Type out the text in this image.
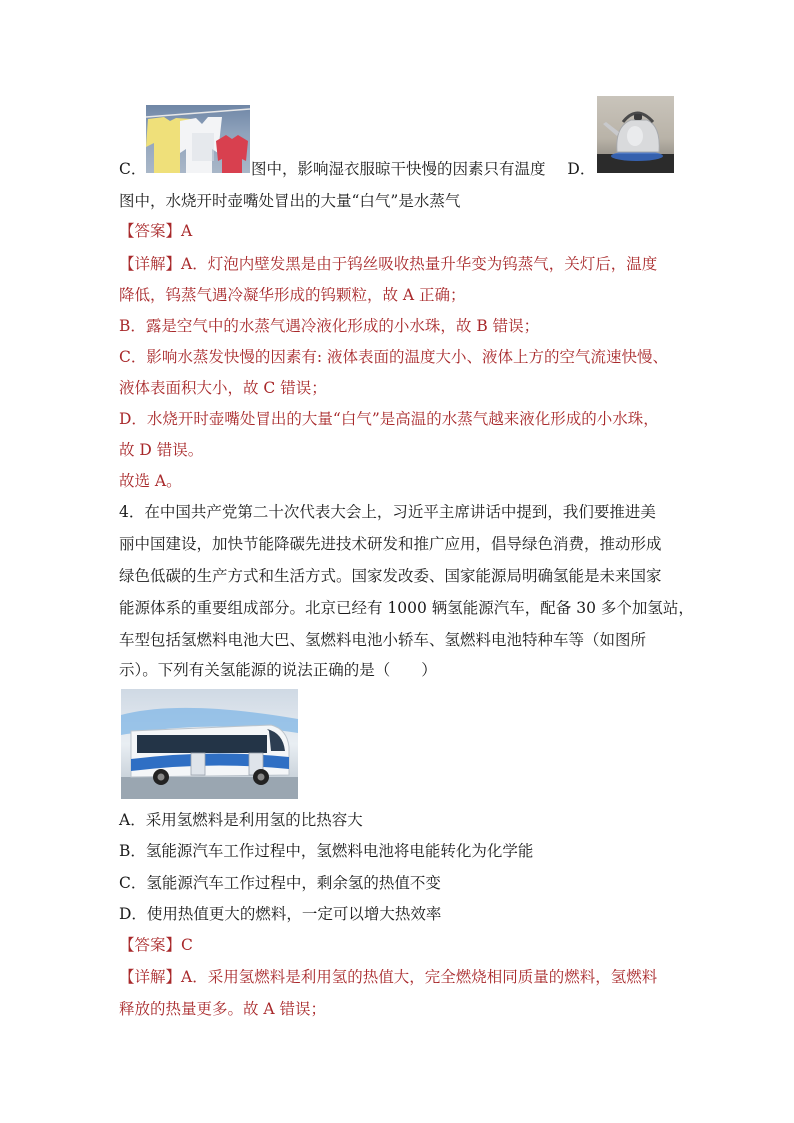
C．	图中，影响湿衣服晾干快慢的因素只有温度 D．
图中，水烧开时壶嘴处冒出的大量“白气”是水蒸气
【答案】A
【详解】A．灯泡内壁发黑是由于钨丝吸收热量升华变为钨蒸气，关灯后，温度
降低，钨蒸气遇冷凝华形成的钨颗粒，故 A 正确；
B．露是空气中的水蒸气遇冷液化形成的小水珠，故 B 错误；
C．影响水蒸发快慢的因素有: 液体表面的温度大小、液体上方的空气流速快慢、
液体表面积大小，故 C 错误；
D．水烧开时壶嘴处冒出的大量“白气”是高温的水蒸气越来液化形成的小水珠，
故 D 错误。
故选 A。
4．在中国共产党第二十次代表大会上，习近平主席讲话中提到，我们要推进美
丽中国建设，加快节能降碳先进技术研发和推广应用，倡导绿色消费，推动形成
绿色低碳的生产方式和生活方式。国家发改委、国家能源局明确氢能是未来国家
能源体系的重要组成部分。北京已经有 1000 辆氢能源汽车，配备 30 多个加氢站，
车型包括氢燃料电池大巴、氢燃料电池小轿车、氢燃料电池特种车等（如图所
示）。下列有关氢能源的说法正确的是（　　）
A．采用氢燃料是利用氢的比热容大
B．氢能源汽车工作过程中，氢燃料电池将电能转化为化学能
C．氢能源汽车工作过程中，剩余氢的热值不变
D．使用热值更大的燃料，一定可以增大热效率
【答案】C
【详解】A．采用氢燃料是利用氢的热值大，完全燃烧相同质量的燃料，氢燃料
释放的热量更多。故 A 错误；
